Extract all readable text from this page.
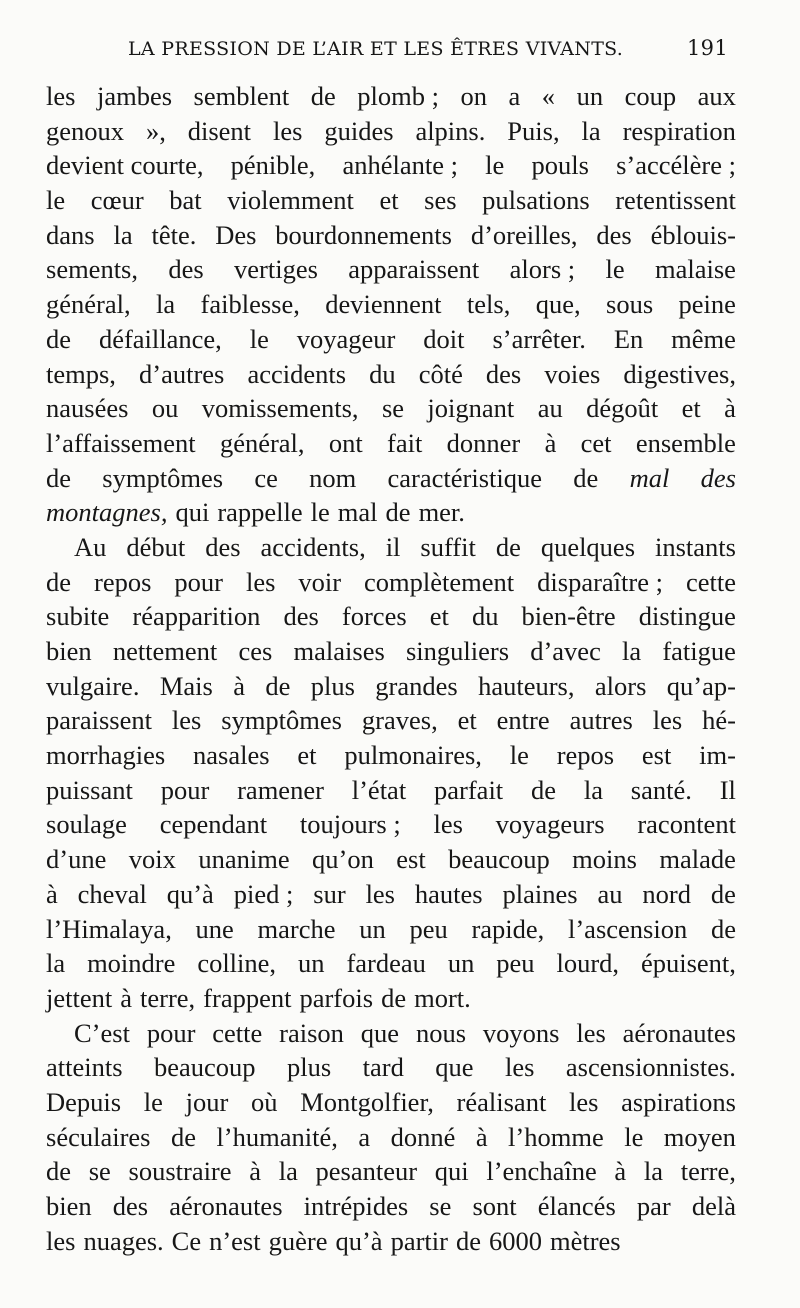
LA PRESSION DE L’AIR ET LES ÊTRES VIVANTS.	191
les jambes semblent de plomb ; on a « un coup aux
genoux », disent les guides alpins. Puis, la respiration
devient courte, pénible, anhélante ; le pouls s’accélère ;
le cœur bat violemment et ses pulsations retentissent
dans la tête. Des bourdonnements d’oreilles, des éblouis-
sements, des vertiges apparaissent alors ; le malaise
général, la faiblesse, deviennent tels, que, sous peine
de défaillance, le voyageur doit s’arrêter. En même
temps, d’autres accidents du côté des voies digestives,
nausées ou vomissements, se joignant au dégoût et à
l’affaissement général, ont fait donner à cet ensemble
de symptômes ce nom caractéristique de mal des
montagnes, qui rappelle le mal de mer.
Au début des accidents, il suffit de quelques instants
de repos pour les voir complètement disparaître ; cette
subite réapparition des forces et du bien-être distingue
bien nettement ces malaises singuliers d’avec la fatigue
vulgaire. Mais à de plus grandes hauteurs, alors qu’ap-
paraissent les symptômes graves, et entre autres les hé-
morrhagies nasales et pulmonaires, le repos est im-
puissant pour ramener l’état parfait de la santé. Il
soulage cependant toujours ; les voyageurs racontent
d’une voix unanime qu’on est beaucoup moins malade
à cheval qu’à pied ; sur les hautes plaines au nord de
l’Himalaya, une marche un peu rapide, l’ascension de
la moindre colline, un fardeau un peu lourd, épuisent,
jettent à terre, frappent parfois de mort.
C’est pour cette raison que nous voyons les aéronautes
atteints beaucoup plus tard que les ascensionnistes.
Depuis le jour où Montgolfier, réalisant les aspirations
séculaires de l’humanité, a donné à l’homme le moyen
de se soustraire à la pesanteur qui l’enchaîne à la terre,
bien des aéronautes intrépides se sont élancés par delà
les nuages. Ce n’est guère qu’à partir de 6000 mètres
